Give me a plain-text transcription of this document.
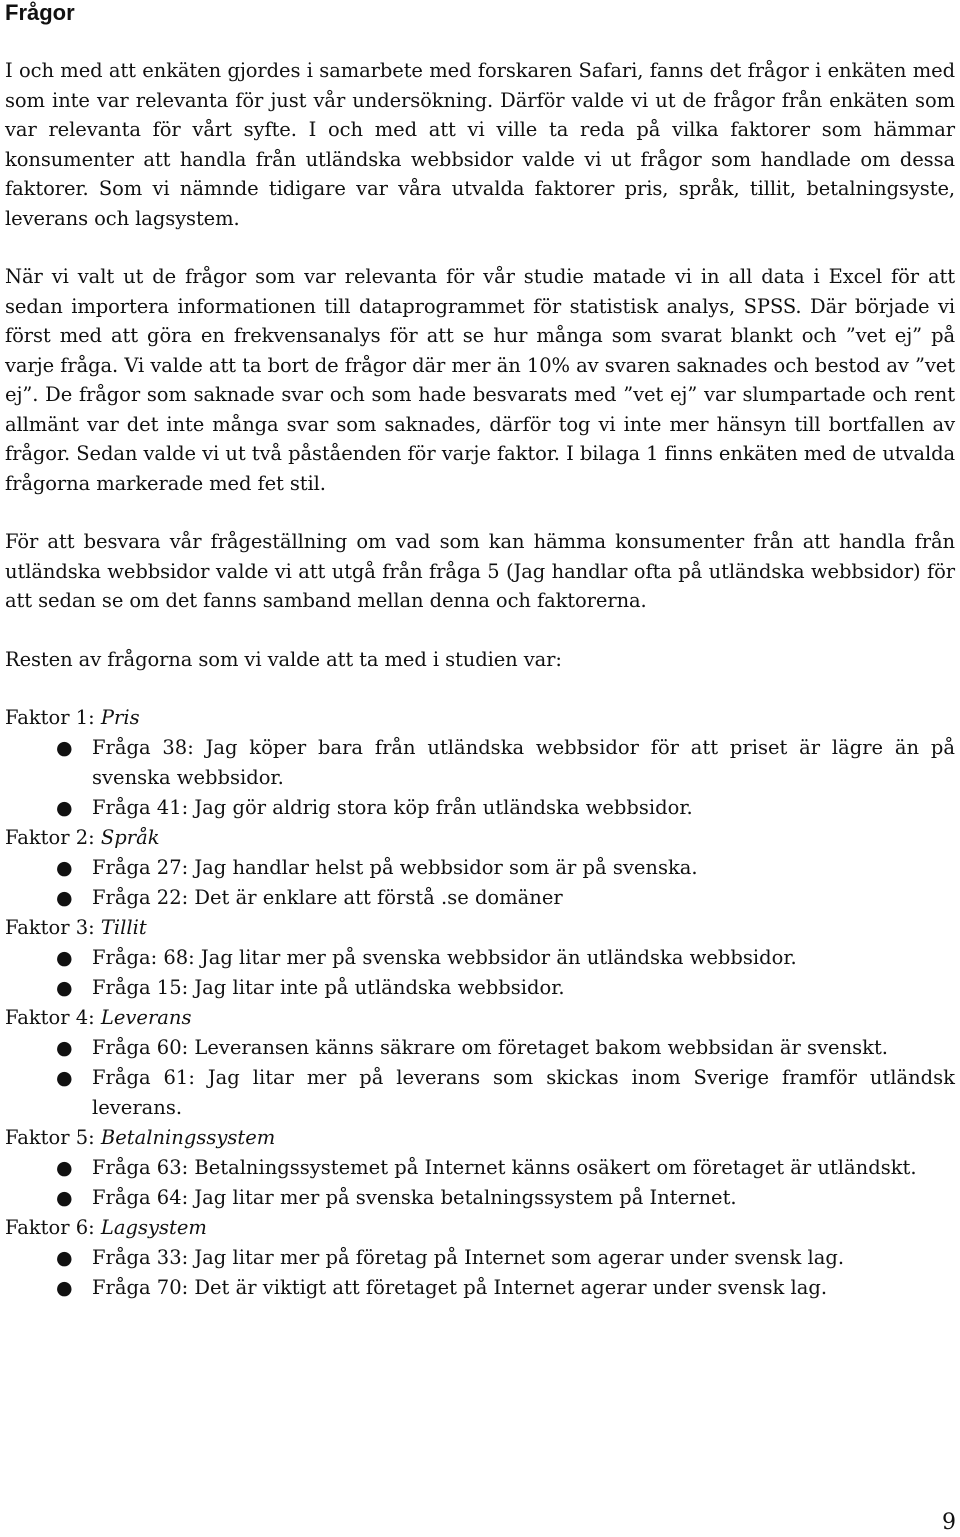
Frågor

I och med att enkäten gjordes i samarbete med forskaren Safari, fanns det frågor i enkäten med som inte var relevanta för just vår undersökning. Därför valde vi ut de frågor från enkäten som var relevanta för vårt syfte. I och med att vi ville ta reda på vilka faktorer som hämmar konsumenter att handla från utländska webbsidor valde vi ut frågor som handlade om dessa faktorer. Som vi nämnde tidigare var våra utvalda faktorer pris, språk, tillit, betalningsyste, leverans och lagsystem.

När vi valt ut de frågor som var relevanta för vår studie matade vi in all data i Excel för att sedan importera informationen till dataprogrammet för statistisk analys, SPSS. Där började vi först med att göra en frekvensanalys för att se hur många som svarat blankt och ”vet ej” på varje fråga. Vi valde att ta bort de frågor där mer än 10% av svaren saknades och bestod av ”vet ej”. De frågor som saknade svar och som hade besvarats med ”vet ej” var slumpartade och rent allmänt var det inte många svar som saknades, därför tog vi inte mer hänsyn till bortfallen av frågor. Sedan valde vi ut två påståenden för varje faktor. I bilaga 1 finns enkäten med de utvalda frågorna markerade med fet stil.

För att besvara vår frågeställning om vad som kan hämma konsumenter från att handla från utländska webbsidor valde vi att utgå från fråga 5 (Jag handlar ofta på utländska webbsidor) för att sedan se om det fanns samband mellan denna och faktorerna.

Resten av frågorna som vi valde att ta med i studien var:

Faktor 1: Pris

● Fråga 38: Jag köper bara från utländska webbsidor för att priset är lägre än på svenska webbsidor.
● Fråga 41: Jag gör aldrig stora köp från utländska webbsidor.

Faktor 2: Språk

● Fråga 27: Jag handlar helst på webbsidor som är på svenska.
● Fråga 22: Det är enklare att förstå .se domäner

Faktor 3: Tillit

● Fråga: 68: Jag litar mer på svenska webbsidor än utländska webbsidor.
● Fråga 15: Jag litar inte på utländska webbsidor.

Faktor 4: Leverans

● Fråga 60: Leveransen känns säkrare om företaget bakom webbsidan är svenskt.
● Fråga 61: Jag litar mer på leverans som skickas inom Sverige framför utländsk leverans.

Faktor 5: Betalningssystem

● Fråga 63: Betalningssystemet på Internet känns osäkert om företaget är utländskt.
● Fråga 64: Jag litar mer på svenska betalningssystem på Internet.

Faktor 6: Lagsystem

● Fråga 33: Jag litar mer på företag på Internet som agerar under svensk lag.
● Fråga 70: Det är viktigt att företaget på Internet agerar under svensk lag.
9
